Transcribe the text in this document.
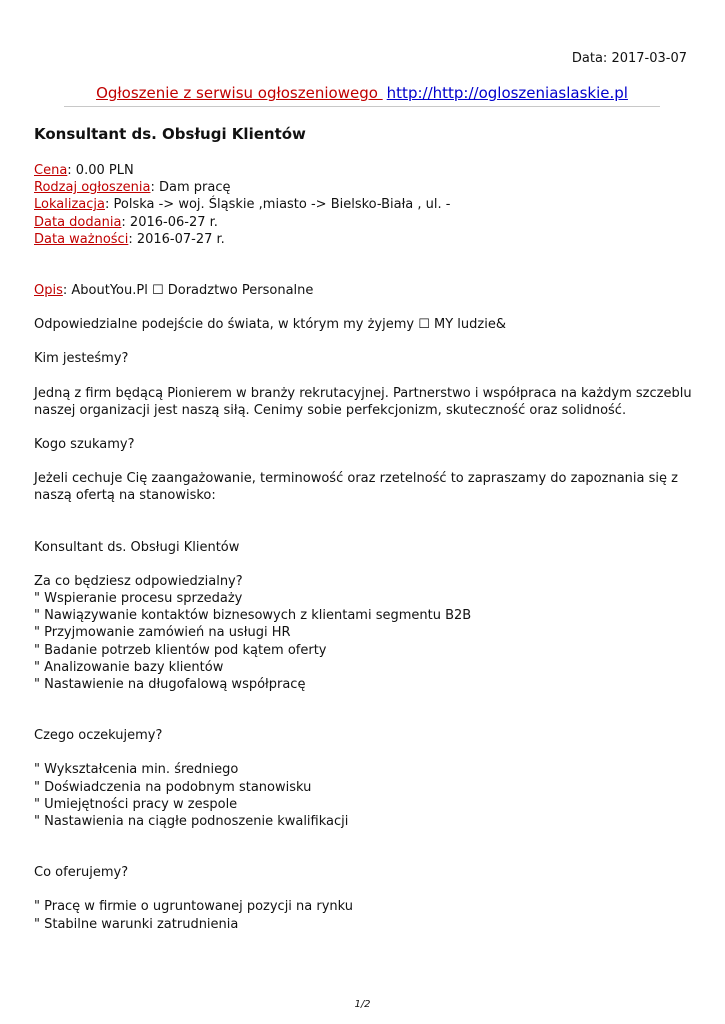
Data: 2017-03-07
Ogłoszenie z serwisu ogłoszeniowego http://http://ogloszeniaslaskie.pl
Konsultant ds. Obsługi Klientów
Cena: 0.00 PLN
Rodzaj ogłoszenia: Dam pracę
Lokalizacja: Polska -> woj. Śląskie ,miasto -> Bielsko-Biała , ul. -
Data dodania: 2016-06-27 r.
Data ważności: 2016-07-27 r.
Opis: AboutYou.Pl ☐ Doradztwo Personalne
Odpowiedzialne podejście do świata, w którym my żyjemy ☐ MY ludzie&
Kim jesteśmy?
Jedną z firm będącą Pionierem w branży rekrutacyjnej. Partnerstwo i współpraca na każdym szczeblu naszej organizacji jest naszą siłą. Cenimy sobie perfekcjonizm, skuteczność oraz solidność.
Kogo szukamy?
Jeżeli cechuje Cię zaangażowanie, terminowość oraz rzetelność to zapraszamy do zapoznania się z naszą ofertą na stanowisko:
Konsultant ds. Obsługi Klientów
Za co będziesz odpowiedzialny?
" Wspieranie procesu sprzedaży
" Nawiązywanie kontaktów biznesowych z klientami segmentu B2B
" Przyjmowanie zamówień na usługi HR
" Badanie potrzeb klientów pod kątem oferty
" Analizowanie bazy klientów
" Nastawienie na długofalową współpracę
Czego oczekujemy?
" Wykształcenia min. średniego
" Doświadczenia na podobnym stanowisku
" Umiejętności pracy w zespole
" Nastawienia na ciągłe podnoszenie kwalifikacji
Co oferujemy?
" Pracę w firmie o ugruntowanej pozycji na rynku
" Stabilne warunki zatrudnienia
1/2
